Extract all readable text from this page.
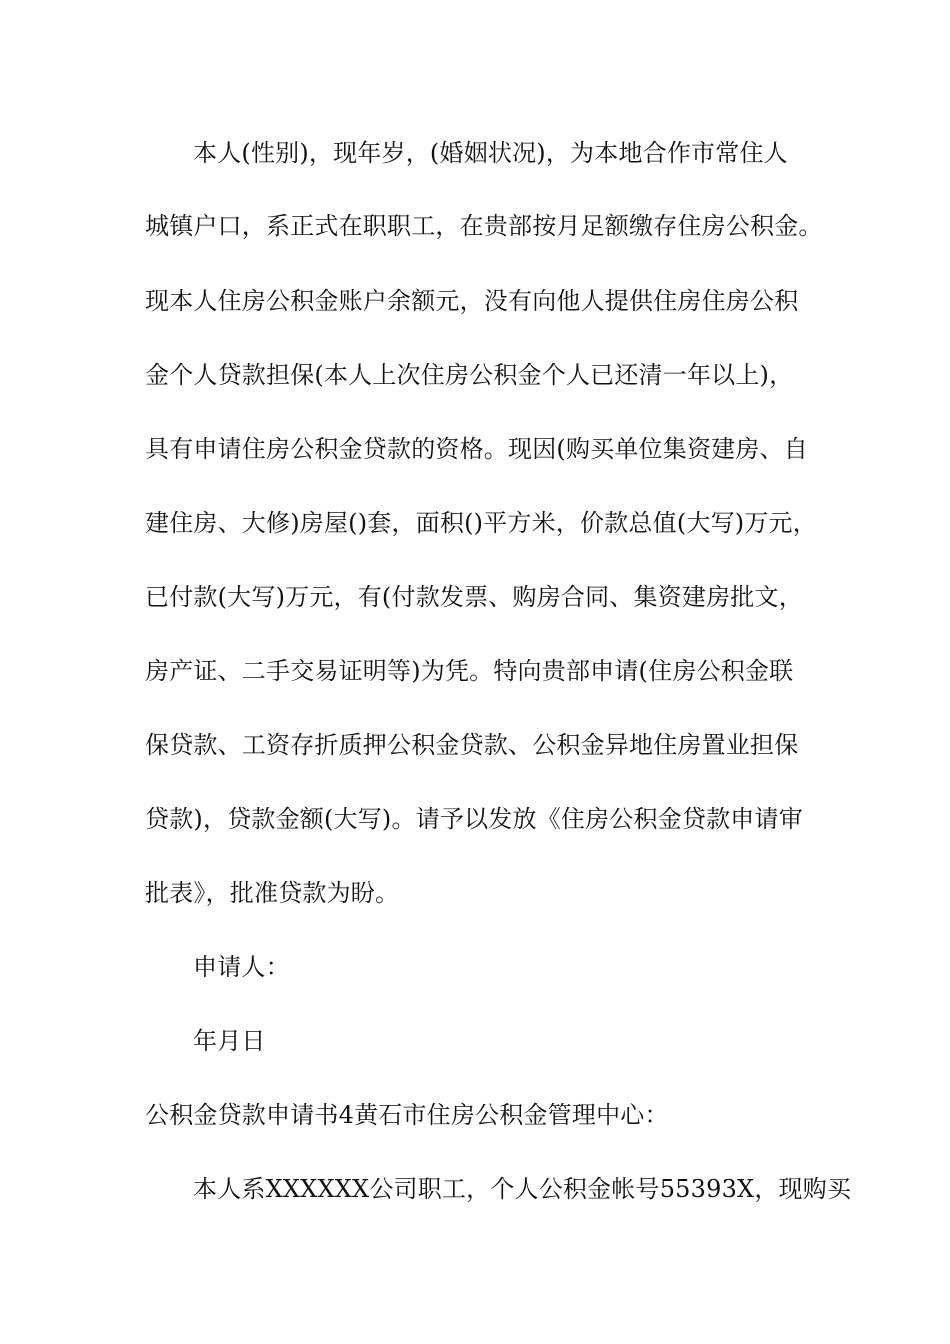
本人(性别)，现年岁，(婚姻状况)，为本地合作市常住人
城镇户口，系正式在职职工，在贵部按月足额缴存住房公积金。
现本人住房公积金账户余额元，没有向他人提供住房住房公积
金个人贷款担保(本人上次住房公积金个人已还清一年以上)，
具有申请住房公积金贷款的资格。现因(购买单位集资建房、自
建住房、大修)房屋()套，面积()平方米，价款总值(大写)万元，
已付款(大写)万元，有(付款发票、购房合同、集资建房批文，
房产证、二手交易证明等)为凭。特向贵部申请(住房公积金联
保贷款、工资存折质押公积金贷款、公积金异地住房置业担保
贷款)，贷款金额(大写)。请予以发放《住房公积金贷款申请审
批表》，批准贷款为盼。
申请人：
年月日
公积金贷款申请书4黄石市住房公积金管理中心：
本人系XXXXXX公司职工，个人公积金帐号55393X，现购买
